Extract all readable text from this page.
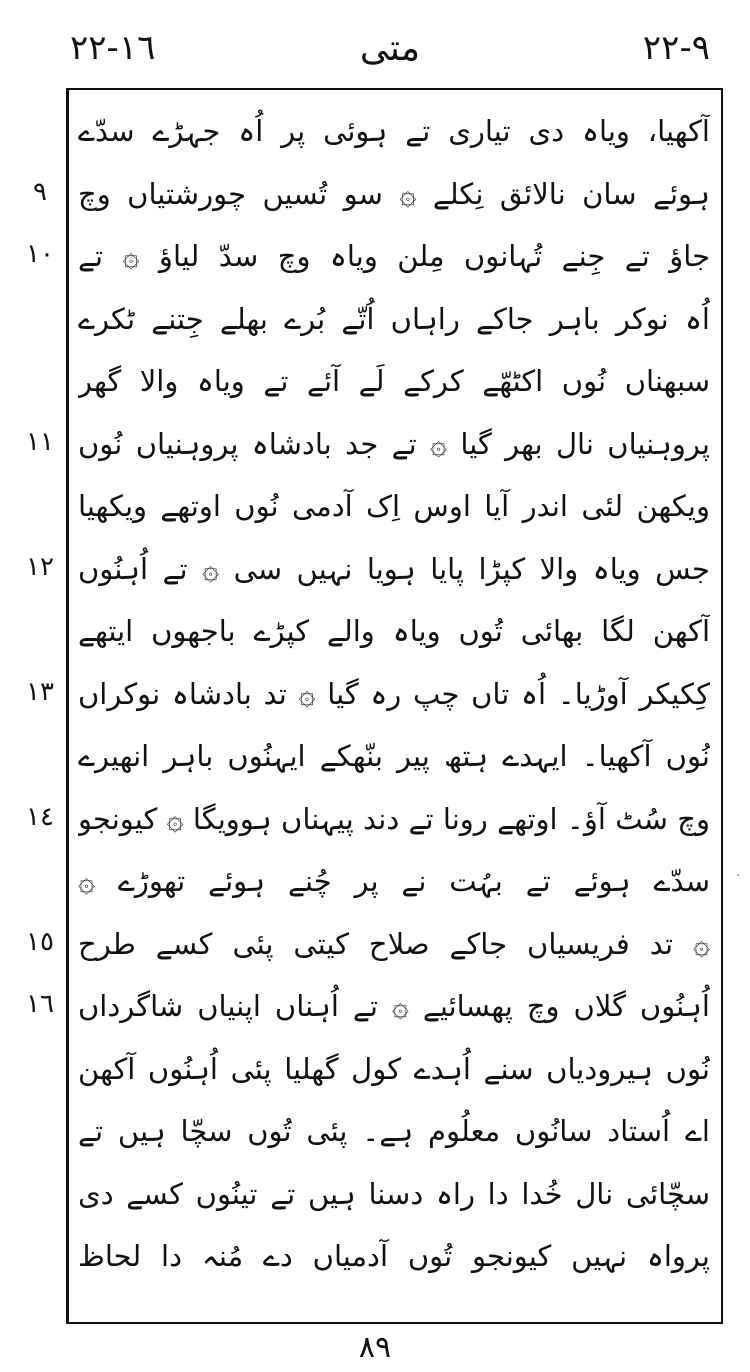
١٦-٢٢	متی	٩-٢٢
٩
١٠
١١
١٢
١٣
١٤
١٥
١٦
آکھیا، ویاہ دی تیاری تے ہوئی پر اُہ جہڑے سدّے
ہوئے سان نالائق نِکلے ۞ سو تُسیں چورشتیاں وچ
جاؤ تے جِنے تُہانوں مِلن ویاہ وچ سدّ لیاؤ ۞ تے
اُہ نوکر باہر جاکے راہاں اُتّے بُرے بھلے جِتنے ٹکرے
سبھناں نُوں اکٹھّے کرکے لَے آئے تے ویاہ والا گھر
پروہنیاں نال بھر گیا ۞ تے جد بادشاہ پروہنیاں نُوں
ویکھن لئی اندر آیا اوس اِک آدمی نُوں اوتھے ویکھیا
جس ویاہ والا کپڑا پایا ہویا نہیں سی ۞ تے اُہنُوں
آکھن لگا بھائی تُوں ویاہ والے کپڑے باجھوں ایتھے
کِکیکر آوڑیا۔ اُہ تاں چپ رہ گیا ۞ تد بادشاہ نوکراں
نُوں آکھیا۔ ایہدے ہتھ پیر بنّھکے ایہنُوں باہر انھیرے
وچ سُٹ آؤ۔ اوتھے رونا تے دند پیہناں ہوویگا ۞ کیونجو
سدّے ہوئے تے بہُت نے پر چُنے ہوئے تھوڑے ۞
۞ تد فریسیاں جاکے صلاح کیتی پئی کسے طرح
اُہنُوں گلاں وچ پھسائیے ۞ تے اُہناں اپنیاں شاگرداں
نُوں ہیرودیاں سنے اُہدے کول گھلیا پئی اُہنُوں آکھن
اے اُستاد سانُوں معلُوم ہے۔ پئی تُوں سچّا ہیں تے
سچّائی نال خُدا دا راہ دسنا ہیں تے تینُوں کسے دی
پرواہ نہیں کیونجو تُوں آدمیاں دے مُنہ دا لحاظ
·
٨٩
